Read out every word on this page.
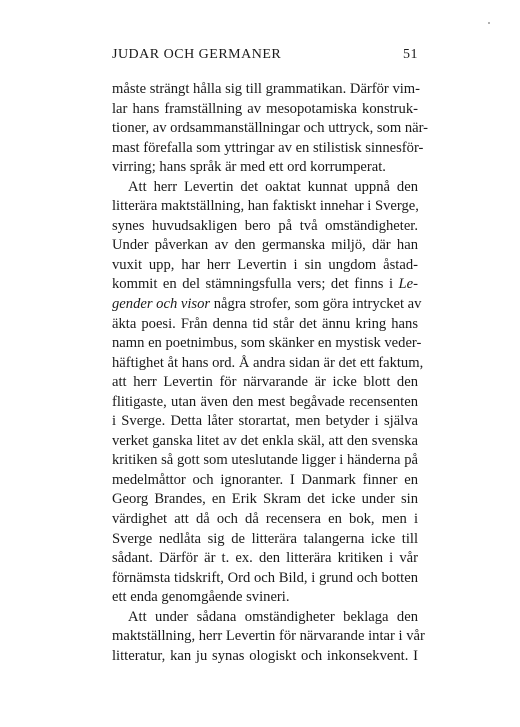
JUDAR OCH GERMANER	51
måste strängt hålla sig till grammatikan. Därför vim-
lar hans framställning av mesopotamiska konstruk-
tioner, av ordsammanställningar och uttryck, som när-
mast förefalla som yttringar av en stilistisk sinnesför-
virring; hans språk är med ett ord korrumperat.
Att herr Levertin det oaktat kunnat uppnå den
litterära maktställning, han faktiskt innehar i Sverge,
synes huvudsakligen bero på två omständigheter.
Under påverkan av den germanska miljö, där han
vuxit upp, har herr Levertin i sin ungdom åstad-
kommit en del stämningsfulla vers; det finns i Le-
gender och visor några strofer, som göra intrycket av
äkta poesi. Från denna tid står det ännu kring hans
namn en poetnimbus, som skänker en mystisk veder-
häftighet åt hans ord. Å andra sidan är det ett faktum,
att herr Levertin för närvarande är icke blott den
flitigaste, utan även den mest begåvade recensenten
i Sverge. Detta låter storartat, men betyder i själva
verket ganska litet av det enkla skäl, att den svenska
kritiken så gott som uteslutande ligger i händerna på
medelmåttor och ignoranter. I Danmark finner en
Georg Brandes, en Erik Skram det icke under sin
värdighet att då och då recensera en bok, men i
Sverge nedlåta sig de litterära talangerna icke till
sådant. Därför är t. ex. den litterära kritiken i vår
förnämsta tidskrift, Ord och Bild, i grund och botten
ett enda genomgående svineri.
Att under sådana omständigheter beklaga den
maktställning, herr Levertin för närvarande intar i vår
litteratur, kan ju synas ologiskt och inkonsekvent. I
